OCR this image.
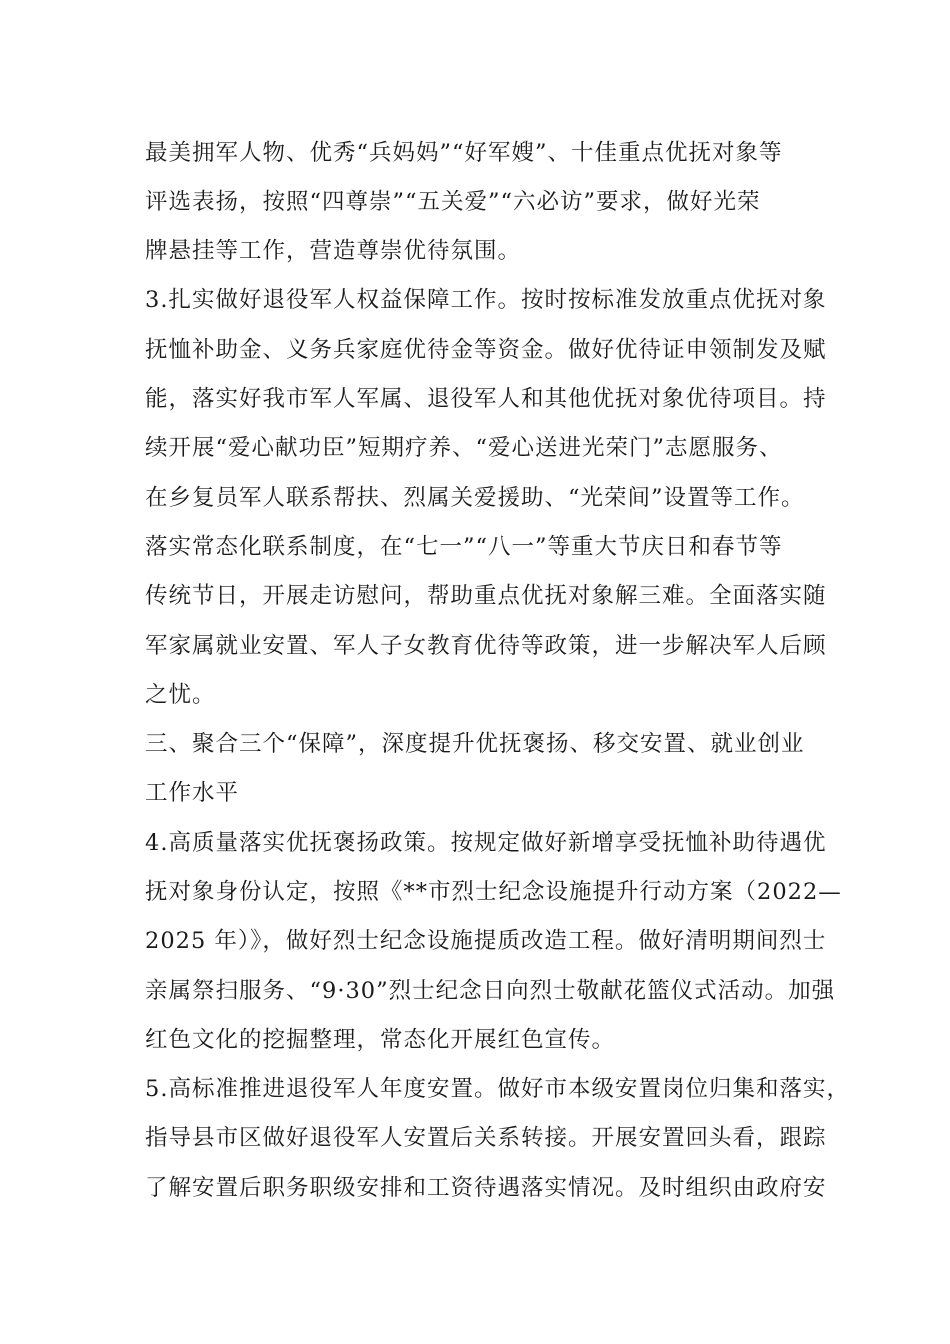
最美拥军人物、优秀“兵妈妈”“好军嫂”、十佳重点优抚对象等
评选表扬，按照“四尊崇”“五关爱”“六必访”要求，做好光荣
牌悬挂等工作，营造尊崇优待氛围。
3.扎实做好退役军人权益保障工作。按时按标准发放重点优抚对象
抚恤补助金、义务兵家庭优待金等资金。做好优待证申领制发及赋
能，落实好我市军人军属、退役军人和其他优抚对象优待项目。持
续开展“爱心献功臣”短期疗养、“爱心送进光荣门”志愿服务、
在乡复员军人联系帮扶、烈属关爱援助、“光荣间”设置等工作。
落实常态化联系制度，在“七一”“八一”等重大节庆日和春节等
传统节日，开展走访慰问，帮助重点优抚对象解三难。全面落实随
军家属就业安置、军人子女教育优待等政策，进一步解决军人后顾
之忧。
三、聚合三个“保障”，深度提升优抚褒扬、移交安置、就业创业
工作水平
4.高质量落实优抚褒扬政策。按规定做好新增享受抚恤补助待遇优
抚对象身份认定，按照《**市烈士纪念设施提升行动方案（2022—
2025 年）》，做好烈士纪念设施提质改造工程。做好清明期间烈士
亲属祭扫服务、“9·30”烈士纪念日向烈士敬献花篮仪式活动。加强
红色文化的挖掘整理，常态化开展红色宣传。
5.高标准推进退役军人年度安置。做好市本级安置岗位归集和落实，
指导县市区做好退役军人安置后关系转接。开展安置回头看，跟踪
了解安置后职务职级安排和工资待遇落实情况。及时组织由政府安
